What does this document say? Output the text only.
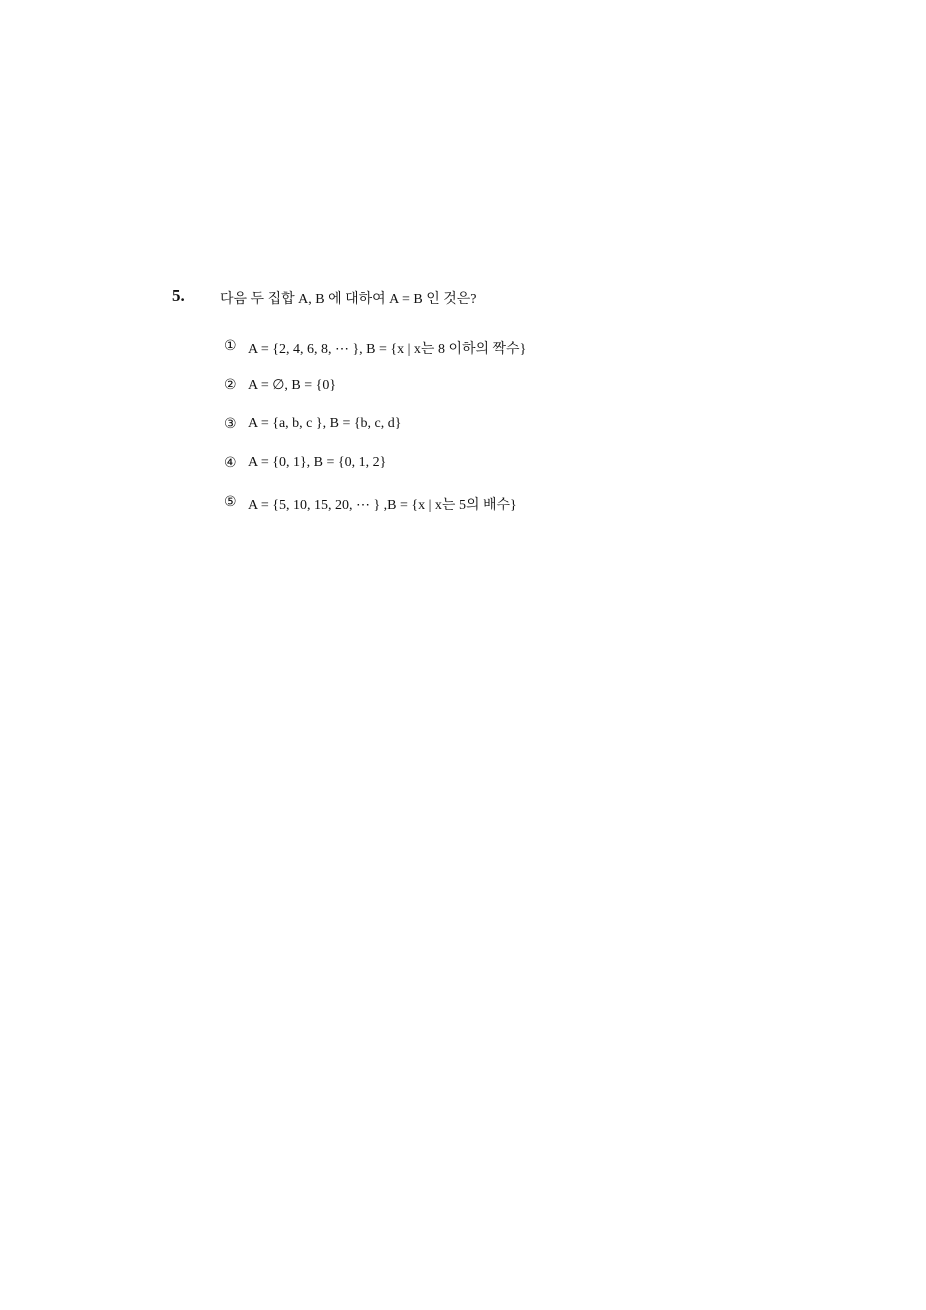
5.	다음 두 집합 A, B 에 대하여 A = B 인 것은?
① A = {2, 4, 6, 8, ⋯ }, B = {x | x는 8 이하의 짝수}
② A = ∅, B = {0}
③ A = {a, b, c }, B = {b, c, d}
④ A = {0, 1}, B = {0, 1, 2}
⑤ A = {5, 10, 15, 20, ⋯ } ,B = {x | x는 5의 배수}
